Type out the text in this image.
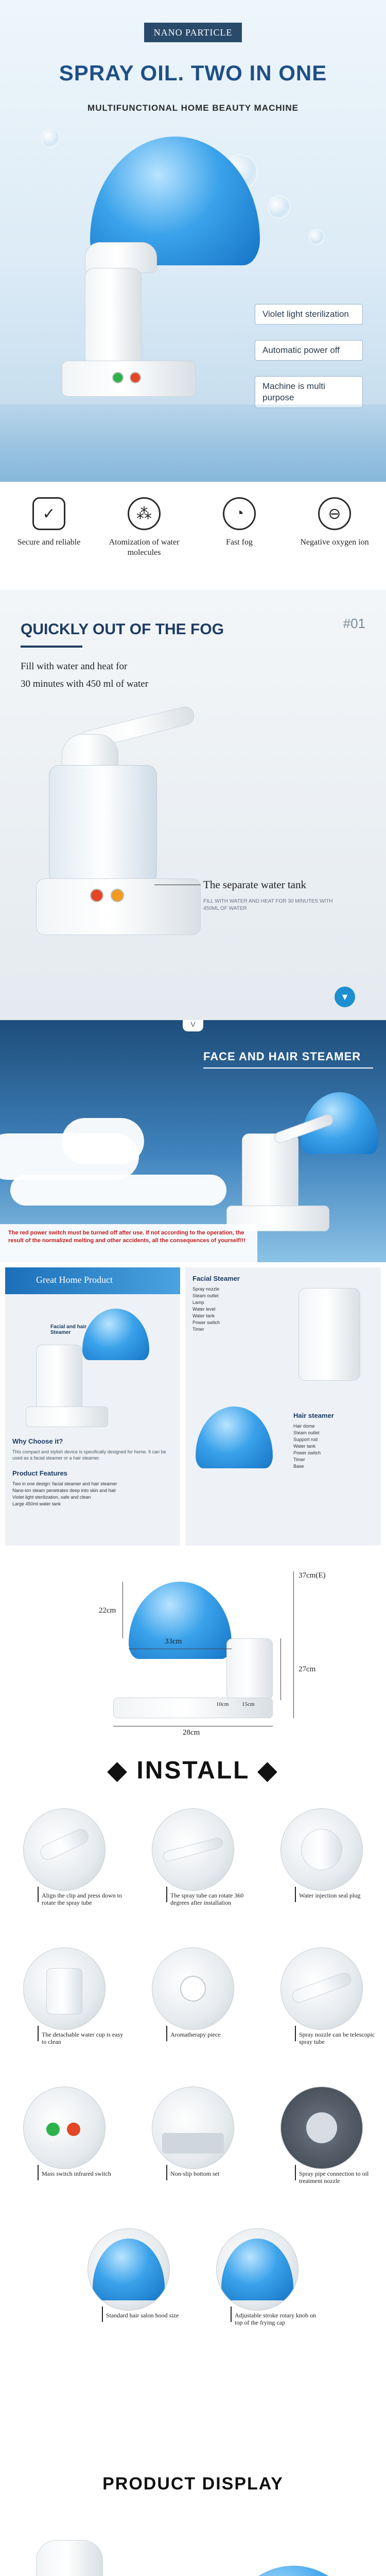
NANO PARTICLE
SPRAY OIL. TWO IN ONE
MULTIFUNCTIONAL HOME BEAUTY MACHINE
Violet light sterilization
Automatic power off
Machine is multi purpose
✓
Secure and reliable
⁂
Atomization of water molecules
◔
Fast fog
⊖
Negative oxygen ion
QUICKLY OUT OF THE FOG	#01
Fill with water and heat for
30 minutes with 450 ml of water
The separate water tank
FILL WITH WATER AND HEAT FOR 30 MINUTES WITH 450ML OF WATER
▼
V
FACE AND HAIR STEAMER
The red power switch must be turned off after use. If not according to the operation, the result of the normalized melting and other accidents, all the consequences of yourself!!!
Great Home Product
Facial and hair Steamer
Why Choose it?
This compact and stylish device is specifically designed for home. It can be used as a facial steamer or a hair steamer.
Product Features
Two in one design: facial steamer and hair steamer
Nano-ion steam penetrates deep into skin and hair
Violet light sterilization, safe and clean
Large 450ml water tank
Facial Steamer
Spray nozzle
Steam outlet
Lamp
Water level
Water tank
Power switch
Timer
Hair steamer
Hair dome
Steam outlet
Support rod
Water tank
Power switch
Timer
Base
22cm
33cm
37cm(E)
27cm
15cm
10cm
28cm
◆ INSTALL ◆
Align the clip and press down to rotate the spray tube
The spray tube can rotate 360 degrees after installation
Water injection seal plug
The detachable water cup is easy to clean
Aromatherapy piece	Spray nozzle can be telescopic spray tube
Mass switch infrared switch	Non-slip bottom set	Spray pipe connection to oil treatment nozzle
Standard hair salon hood size	Adjustable stroke rotary knob on top of the frying cap
PRODUCT DISPLAY
